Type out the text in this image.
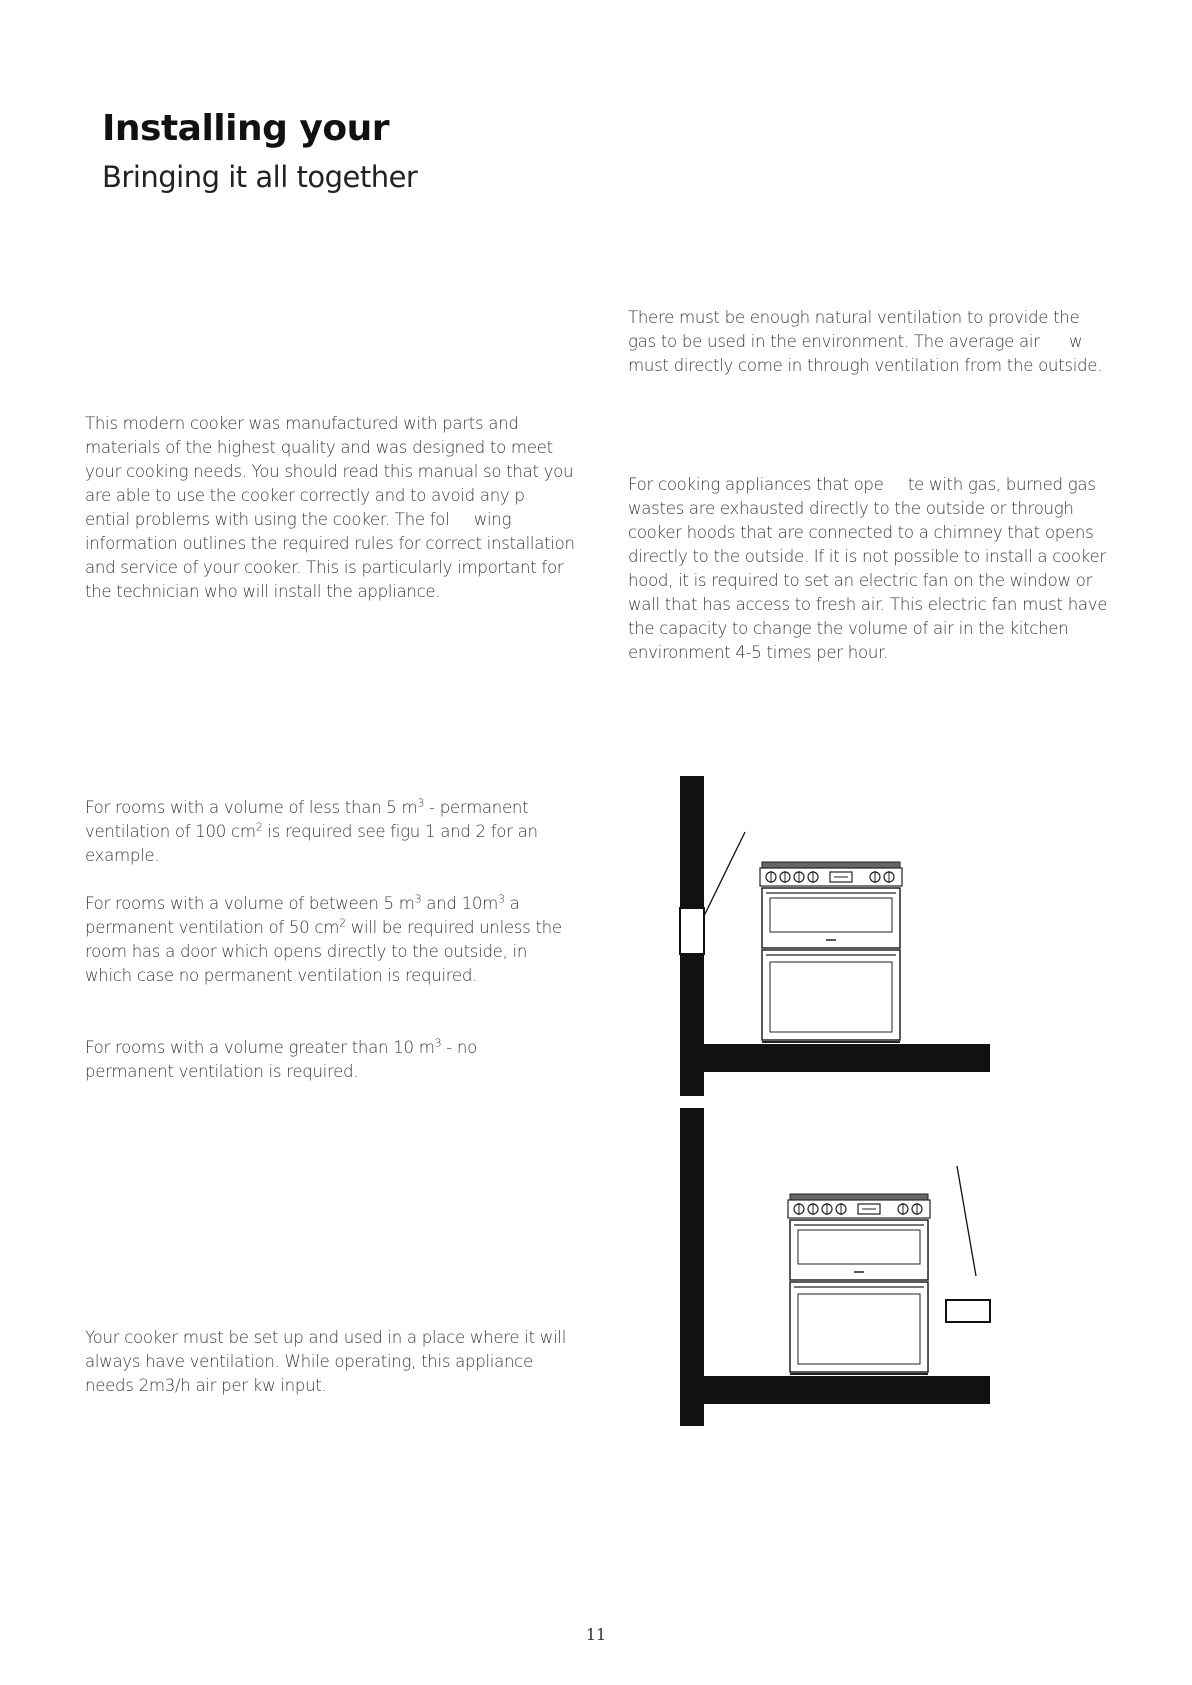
Installing your
Bringing it all together

This modern cooker was manufactured with parts and materials of the highest quality and was designed to meet your cooking needs. You should read this manual so that you are able to use the cooker correctly and to avoid any p  ential problems with using the cooker. The fol  wing information outlines the required rules for correct installation and service of your cooker. This is particularly important for the technician who will install the appliance.

For rooms with a volume of less than 5 $m^3$ - permanent ventilation of 100 $cm^2$ is required see figu 1 and 2 for an example.

For rooms with a volume of between 5 $m^3$ and $10m^3$ a permanent ventilation of 50 $cm^2$ will be required unless the room has a door which opens directly to the outside, in which case no permanent ventilation is required.

For rooms with a volume greater than 10 $m^3$ - no permanent ventilation is required.

Your cooker must be set up and used in a place where it will always have ventilation. While operating, this appliance needs 2m3/h air per kw input.

There must be enough natural ventilation to provide the gas to be used in the environment. The average air   w must directly come in through ventilation from the outside.

For cooking appliances that ope  te with gas, burned gas wastes are exhausted directly to the outside or through cooker hoods that are connected to a chimney that opens directly to the outside. If it is not possible to install a cooker hood, it is required to set an electric fan on the window or wall that has access to fresh air. This electric fan must have the capacity to change the volume of air in the kitchen environment 4-5 times per hour.

11
